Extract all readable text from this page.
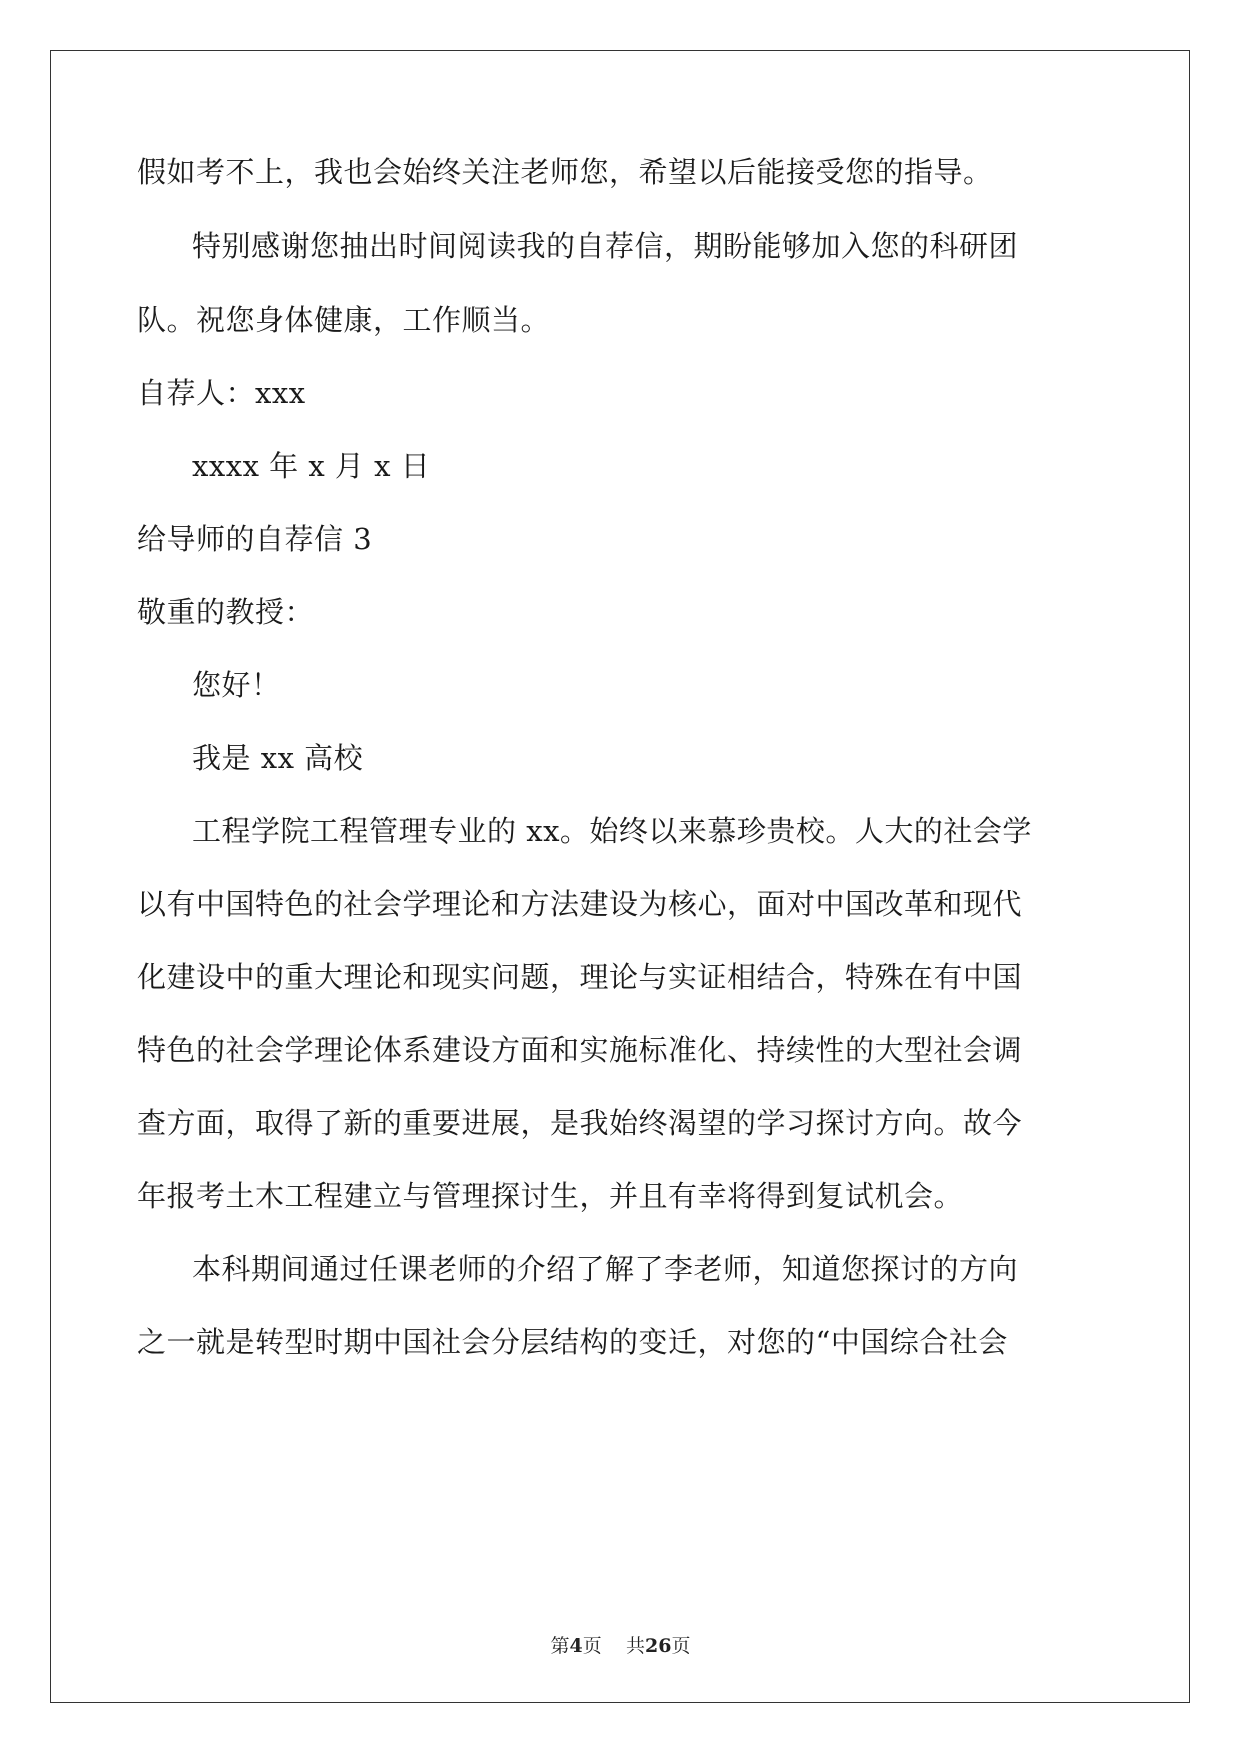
假如考不上，我也会始终关注老师您，希望以后能接受您的指导。
特别感谢您抽出时间阅读我的自荐信，期盼能够加入您的科研团
队。祝您身体健康，工作顺当。
自荐人：xxx
xxxx 年 x 月 x 日
给导师的自荐信 3
敬重的教授：
您好！
我是 xx 高校
工程学院工程管理专业的 xx。始终以来慕珍贵校。人大的社会学
以有中国特色的社会学理论和方法建设为核心，面对中国改革和现代
化建设中的重大理论和现实问题，理论与实证相结合，特殊在有中国
特色的社会学理论体系建设方面和实施标准化、持续性的大型社会调
查方面，取得了新的重要进展，是我始终渴望的学习探讨方向。故今
年报考土木工程建立与管理探讨生，并且有幸将得到复试机会。
本科期间通过任课老师的介绍了解了李老师，知道您探讨的方向
之一就是转型时期中国社会分层结构的变迁，对您的“中国综合社会
第4页 共26页
